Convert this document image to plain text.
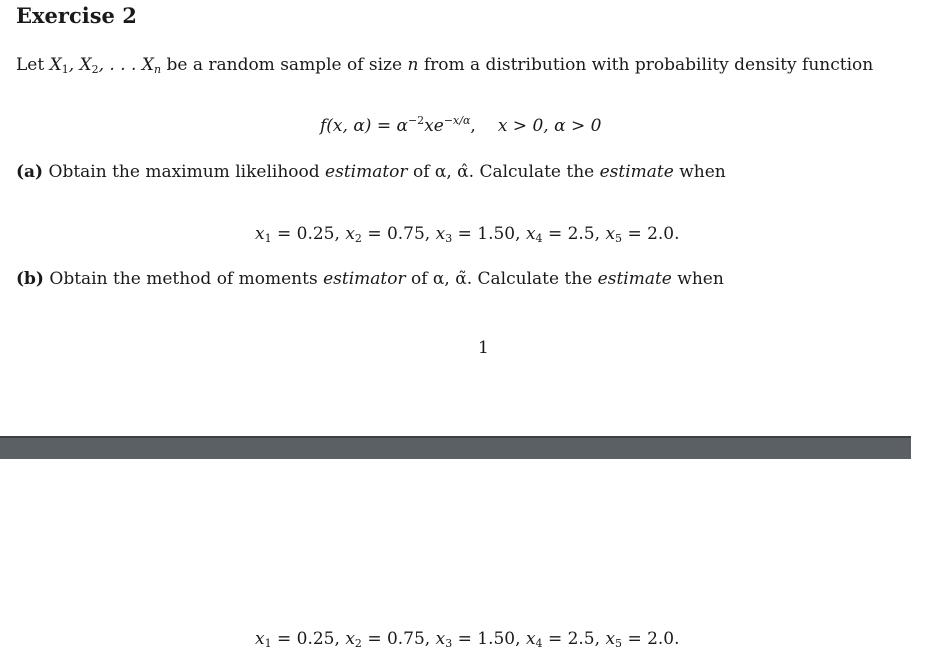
Exercise 2
Let $X_1$, $X_2$, . . . $X_n$ be a random sample of size n from a distribution with probability density function
f(x, $\alpha) = \alpha^{-2}xe^{-x/\alpha}$, x > 0, α > 0
(a) Obtain the maximum likelihood estimator of α, α̂. Calculate the estimate when
$x_1 = 0.25$, $x_2 = 0.75$, $x_3 = 1.50$, $x_4 = 2.5$, $x_5 = 2.0$.
(b) Obtain the method of moments estimator of α, α̃. Calculate the estimate when
1
$x_1 = 0.25$, $x_2 = 0.75$, $x_3 = 1.50$, $x_4 = 2.5$, $x_5 = 2.0$.
